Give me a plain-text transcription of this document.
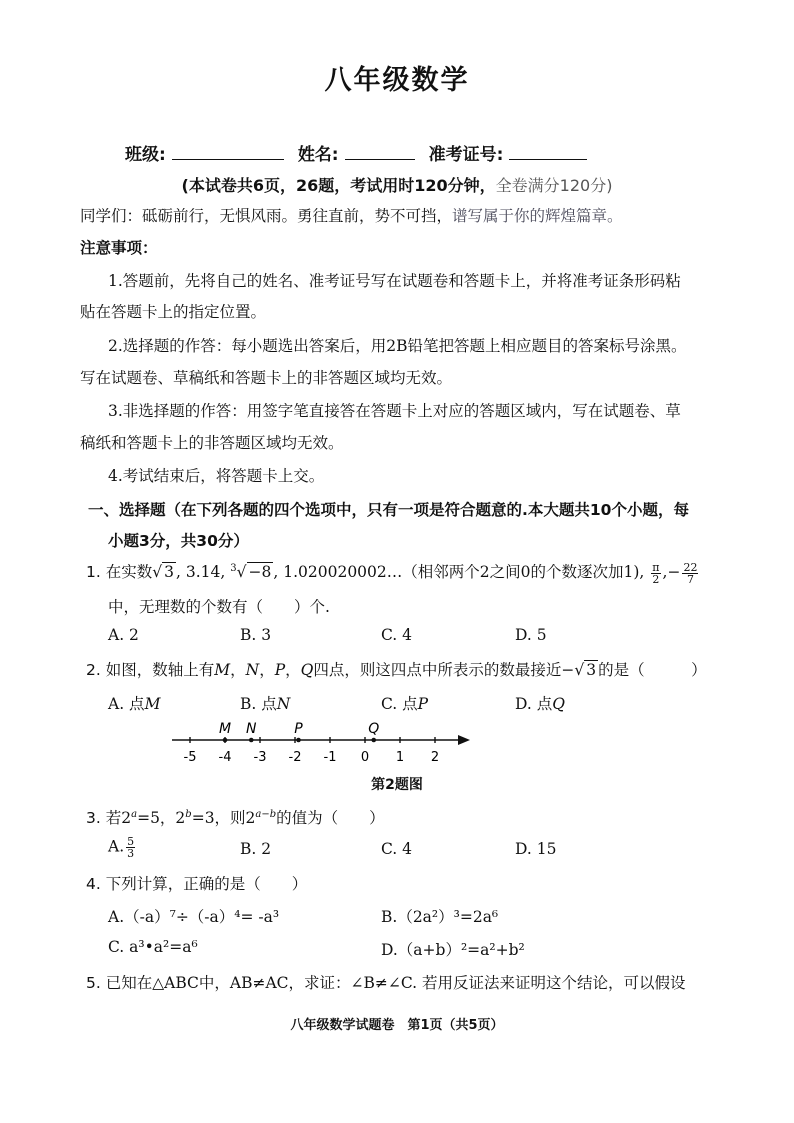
八年级数学
班级:	姓名:	准考证号:
(本试卷共6页，26题，考试用时120分钟，全卷满分120分)
同学们：砥砺前行，无惧风雨。勇往直前，势不可挡，谱写属于你的辉煌篇章。
注意事项：
1.答题前，先将自己的姓名、准考证号写在试题卷和答题卡上，并将准考证条形码粘
贴在答题卡上的指定位置。
2.选择题的作答：每小题选出答案后，用2B铅笔把答题上相应题目的答案标号涂黑。
写在试题卷、草稿纸和答题卡上的非答题区域均无效。
3.非选择题的作答：用签字笔直接答在答题卡上对应的答题区域内，写在试题卷、草
稿纸和答题卡上的非答题区域均无效。
4.考试结束后，将答题卡上交。
一、选择题（在下列各题的四个选项中，只有一项是符合题意的.本大题共10个小题，每
小题3分，共30分）
1. 在实数√ 3 , 3.14, $^3$√ −8 , 1.020020002…（相邻两个2之间0的个数逐次加1), $\frac{\pi}{2}$ ,− $\frac{22}{7}$
中，无理数的个数有（　　）个.
A. 2	B. 3	C. 4	D. 5
2. 如图，数轴上有M，N，P，Q四点，则这四点中所表示的数最接近−√ 3 的是（　　　）
A. 点M	B. 点N	C. 点P	D. 点Q
-5 -4 -3 -2 -1 0 1 2
M N	P	Q
第2题图
3. 若$2^a=5$，$2^b=3$，则$2^{a-b}$的值为（　　）
A. $\frac{5}{3}$	B. 2	C. 4	D. 15
4. 下列计算，正确的是（　　）
A.（-a）⁷÷（-a）⁴= -a³	B.（2a²）³=2a⁶
C. a³•a²=a⁶	D.（a+b）²=a²+b²
5. 已知在△ABC中，AB≠AC，求证：∠B≠∠C. 若用反证法来证明这个结论，可以假设
八年级数学试题卷　第1页（共5页）
